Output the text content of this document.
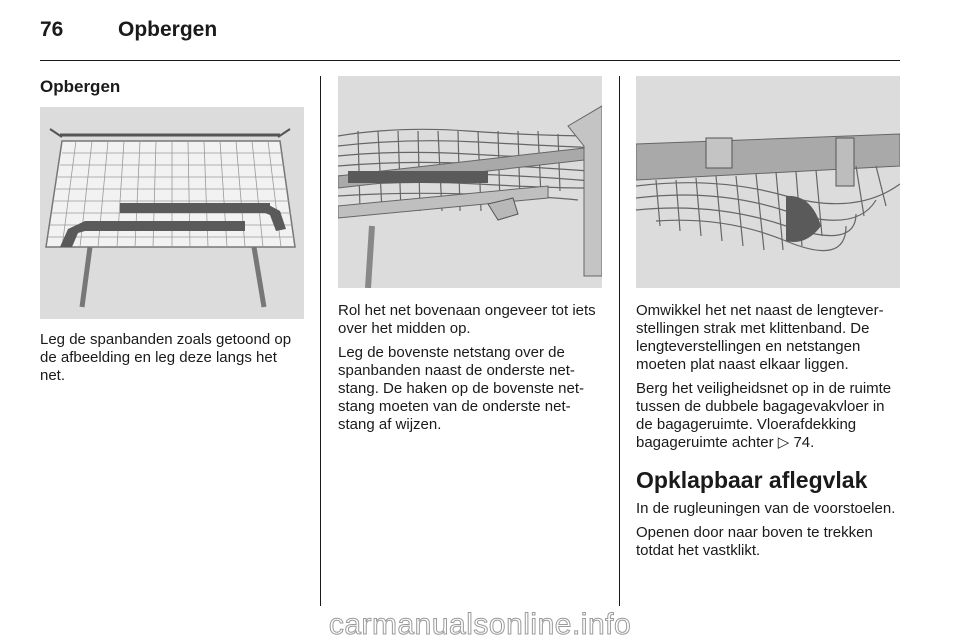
76	Opbergen
Opbergen

Leg de spanbanden zoals getoond op de afbeelding en leg deze langs het net.

Rol het net bovenaan ongeveer tot iets over het midden op.

Leg de bovenste netstang over de spanbanden naast de onderste netstang. De haken op de bovenste netstang moeten van de onderste netstang af wijzen.

Omwikkel het net naast de lengteverstellingen strak met klittenband. De lengteverstellingen en netstangen moeten plat naast elkaar liggen.

Berg het veiligheidsnet op in de ruimte tussen de dubbele bagagevakvloer in de bagageruimte. Vloerafdekking bagageruimte achter ▷ 74.

Opklapbaar aflegvlak

In de rugleuningen van de voorstoelen.

Openen door naar boven te trekken totdat het vastklikt.

carmanualsonline.info
